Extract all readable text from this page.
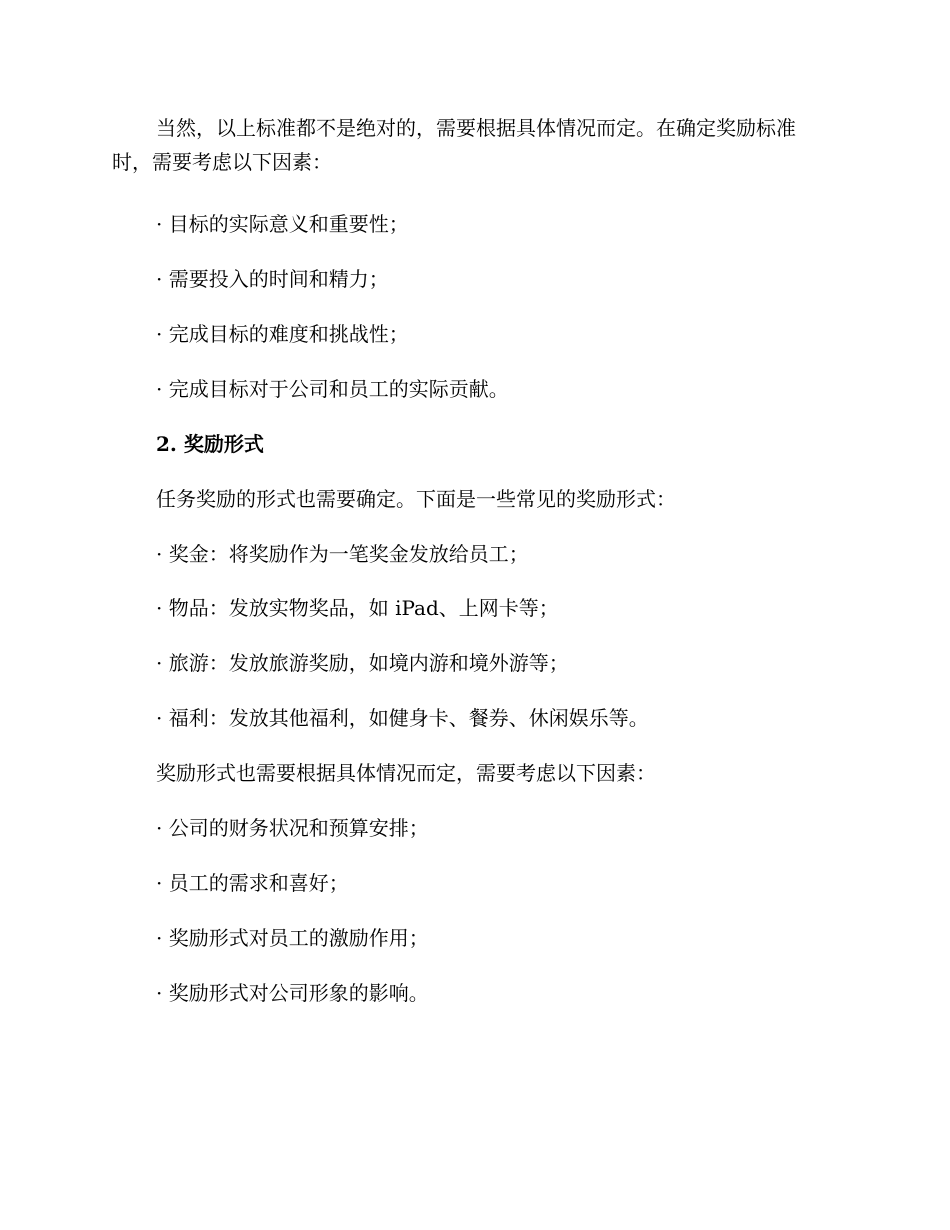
当然，以上标准都不是绝对的，需要根据具体情况而定。在确定奖励标准时，需要考虑以下因素：

· 目标的实际意义和重要性；

· 需要投入的时间和精力；

· 完成目标的难度和挑战性；

· 完成目标对于公司和员工的实际贡献。

2. 奖励形式

任务奖励的形式也需要确定。下面是一些常见的奖励形式：

· 奖金：将奖励作为一笔奖金发放给员工；

· 物品：发放实物奖品，如 iPad、上网卡等；

· 旅游：发放旅游奖励，如境内游和境外游等；

· 福利：发放其他福利，如健身卡、餐券、休闲娱乐等。

奖励形式也需要根据具体情况而定，需要考虑以下因素：

· 公司的财务状况和预算安排；

· 员工的需求和喜好；

· 奖励形式对员工的激励作用；

· 奖励形式对公司形象的影响。
